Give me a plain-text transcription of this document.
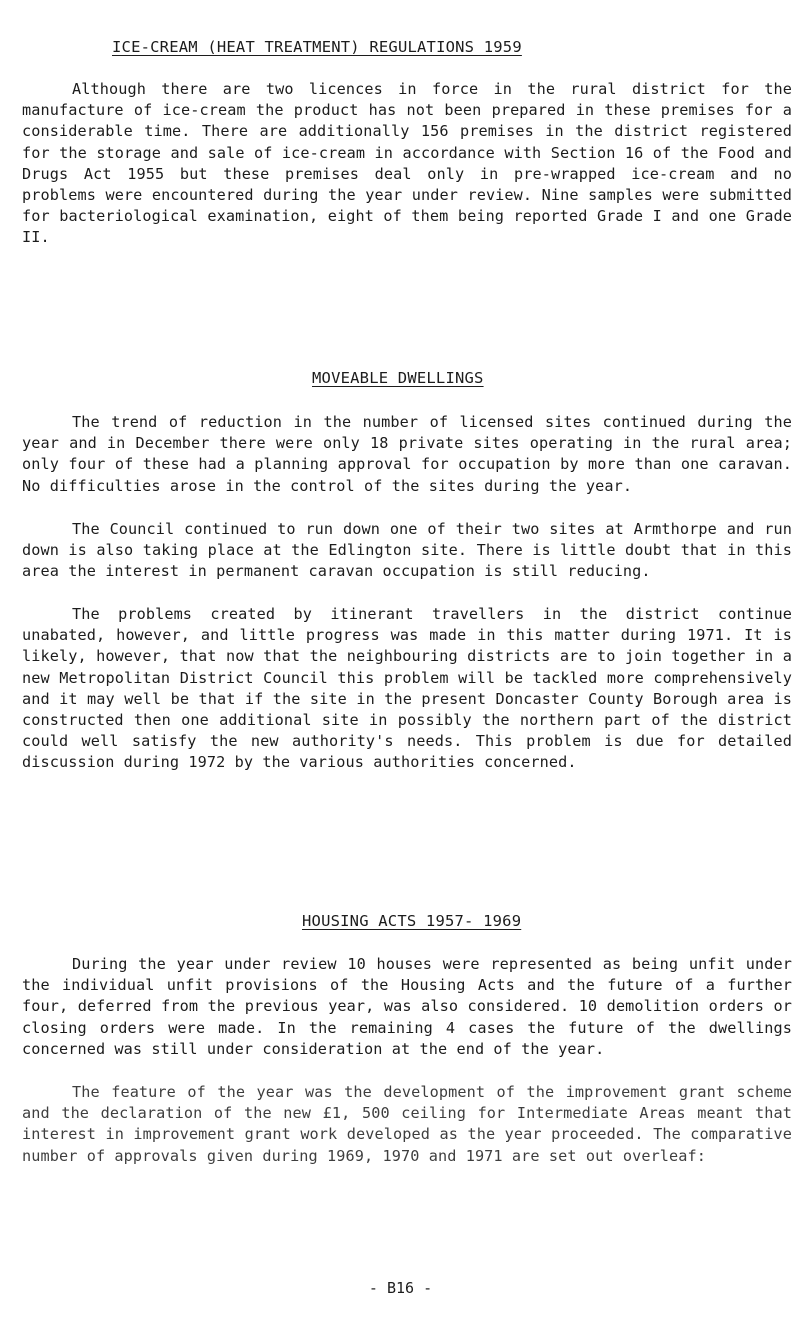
ICE-CREAM (HEAT TREATMENT) REGULATIONS 1959

Although there are two licences in force in the rural district for the manufacture of ice-cream the product has not been prepared in these premises for a considerable time. There are additionally 156 premises in the district registered for the storage and sale of ice-cream in accordance with Section 16 of the Food and Drugs Act 1955 but these premises deal only in pre-wrapped ice-cream and no problems were encountered during the year under review. Nine samples were submitted for bacteriological examination, eight of them being reported Grade I and one Grade II.

MOVEABLE DWELLINGS

The trend of reduction in the number of licensed sites continued during the year and in December there were only 18 private sites operating in the rural area; only four of these had a planning approval for occupation by more than one caravan. No difficulties arose in the control of the sites during the year.

The Council continued to run down one of their two sites at Armthorpe and run down is also taking place at the Edlington site. There is little doubt that in this area the interest in permanent caravan occupation is still reducing.

The problems created by itinerant travellers in the district continue unabated, however, and little progress was made in this matter during 1971. It is likely, however, that now that the neighbouring districts are to join together in a new Metropolitan District Council this problem will be tackled more comprehensively and it may well be that if the site in the present Doncaster County Borough area is constructed then one additional site in possibly the northern part of the district could well satisfy the new authority's needs. This problem is due for detailed discussion during 1972 by the various authorities concerned.

HOUSING ACTS 1957- 1969

During the year under review 10 houses were represented as being unfit under the individual unfit provisions of the Housing Acts and the future of a further four, deferred from the previous year, was also considered. 10 demolition orders or closing orders were made. In the remaining 4 cases the future of the dwellings concerned was still under consideration at the end of the year.

The feature of the year was the development of the improvement grant scheme and the declaration of the new £1, 500 ceiling for Intermediate Areas meant that interest in improvement grant work developed as the year proceeded. The comparative number of approvals given during 1969, 1970 and 1971 are set out overleaf:

- B16 -
